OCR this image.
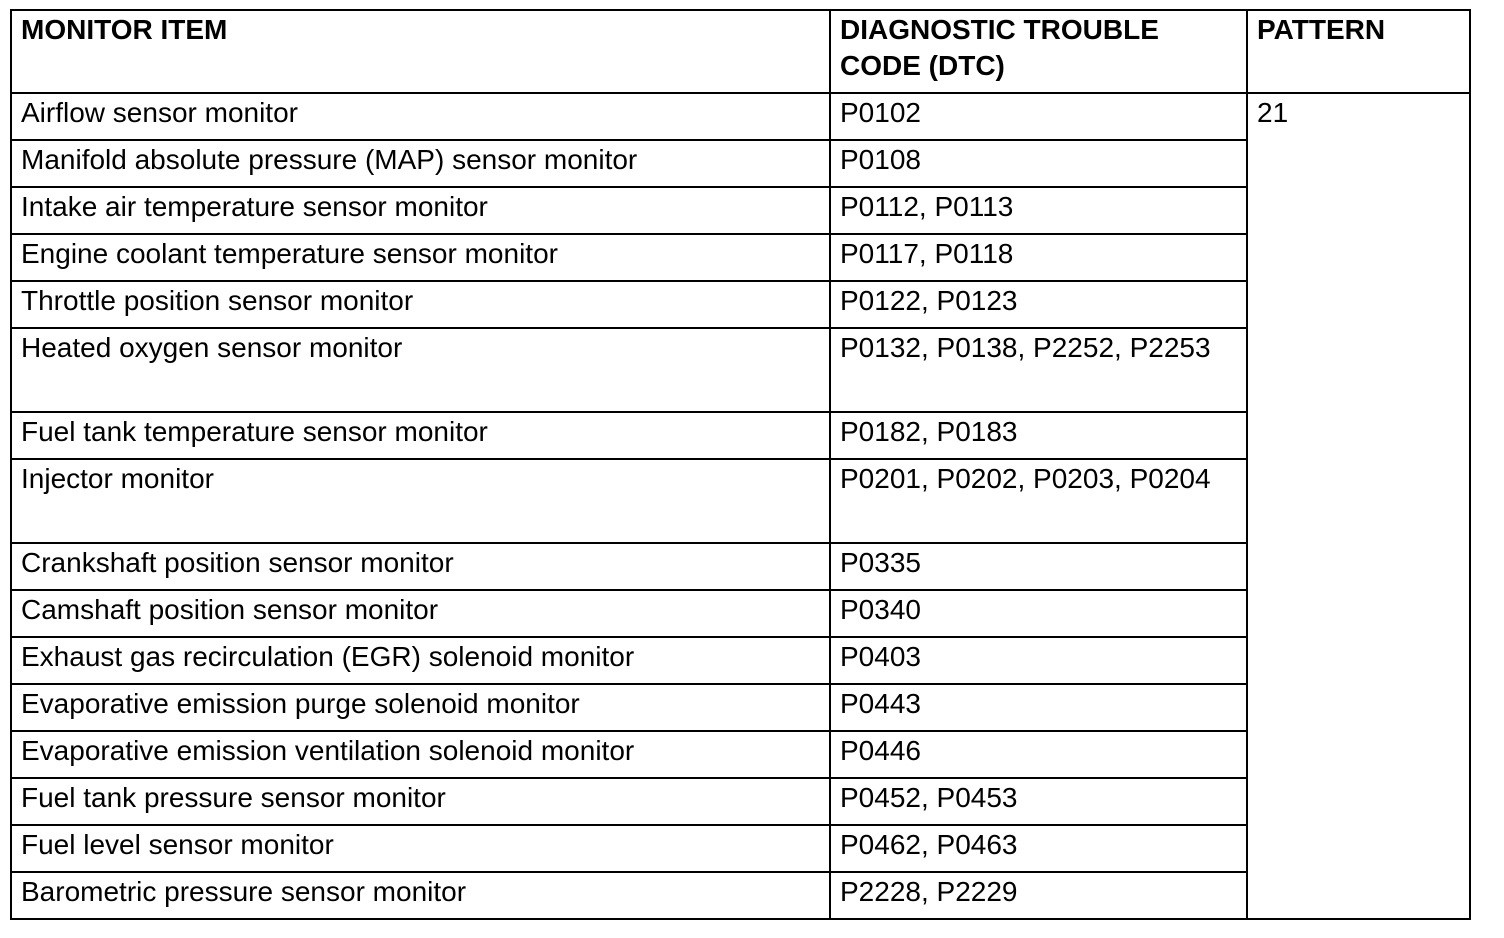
MONITOR ITEM	DIAGNOSTIC TROUBLE CODE (DTC)	PATTERN
Airflow sensor monitor	P0102	21
Manifold absolute pressure (MAP) sensor monitor	P0108	
Intake air temperature sensor monitor	P0112, P0113	
Engine coolant temperature sensor monitor	P0117, P0118	
Throttle position sensor monitor	P0122, P0123	
Heated oxygen sensor monitor	P0132, P0138, P2252, P2253	
Fuel tank temperature sensor monitor	P0182, P0183	
Injector monitor	P0201, P0202, P0203, P0204	
Crankshaft position sensor monitor	P0335	
Camshaft position sensor monitor	P0340	
Exhaust gas recirculation (EGR) solenoid monitor	P0403	
Evaporative emission purge solenoid monitor	P0443	
Evaporative emission ventilation solenoid monitor	P0446	
Fuel tank pressure sensor monitor	P0452, P0453	
Fuel level sensor monitor	P0462, P0463	
Barometric pressure sensor monitor	P2228, P2229	
